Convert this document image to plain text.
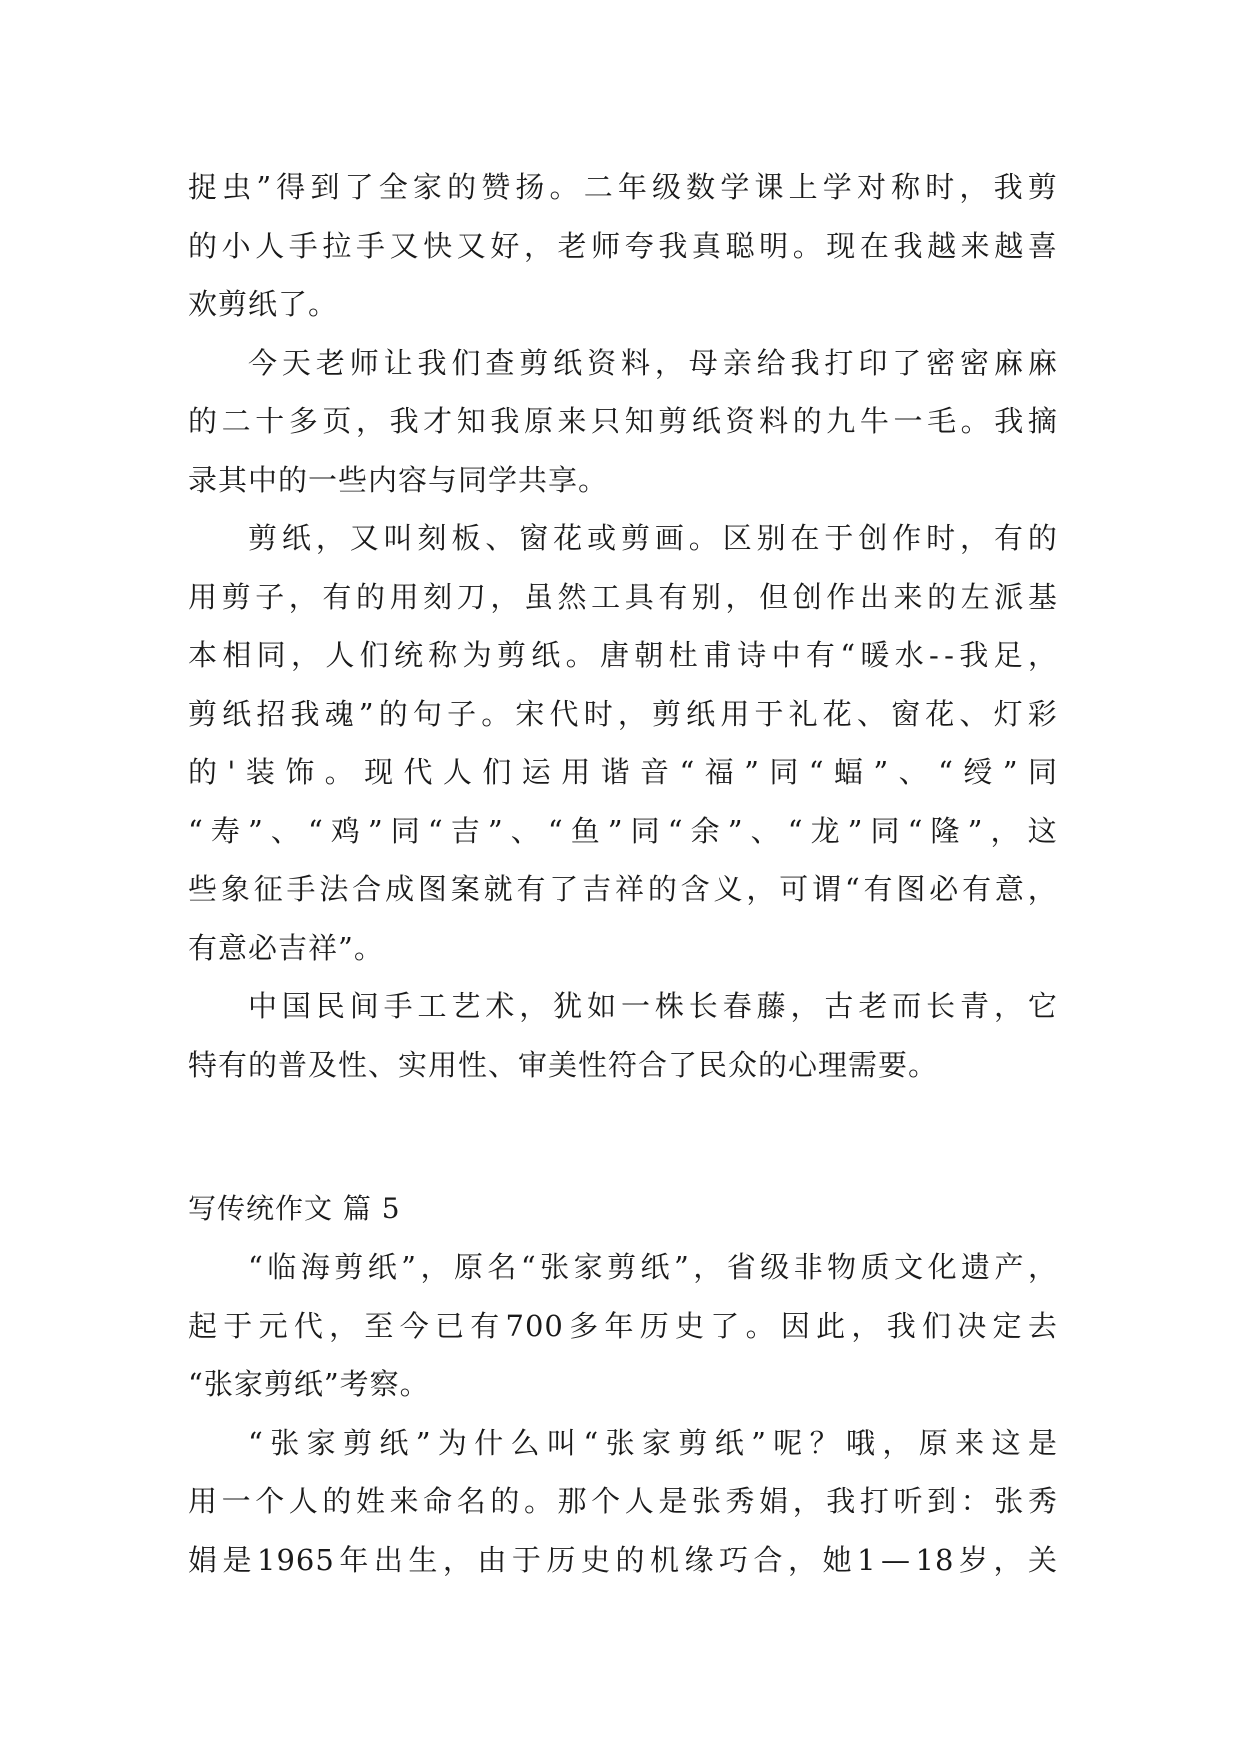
捉 虫 ” 得 到 了 全 家 的 赞 扬 。 二 年 级 数 学 课 上 学 对 称 时 ， 我 剪
的 小 人 手 拉 手 又 快 又 好 ， 老 师 夸 我 真 聪 明 。 现 在 我 越 来 越 喜
欢剪纸了。
今 天 老 师 让 我 们 查 剪 纸 资 料 ， 母 亲 给 我 打 印 了 密 密 麻 麻
的 二 十 多 页 ， 我 才 知 我 原 来 只 知 剪 纸 资 料 的 九 牛 一 毛 。 我 摘
录其中的一些内容与同学共享。
剪 纸 ， 又 叫 刻 板 、 窗 花 或 剪 画 。 区 别 在 于 创 作 时 ， 有 的
用 剪 子 ， 有 的 用 刻 刀 ， 虽 然 工 具 有 别 ， 但 创 作 出 来 的 左 派 基
本 相 同 ， 人 们 统 称 为 剪 纸 。 唐 朝 杜 甫 诗 中 有 “ 暖 水 - - 我 足 ，
剪 纸 招 我 魂 ” 的 句 子 。 宋 代 时 ， 剪 纸 用 于 礼 花 、 窗 花 、 灯 彩
的 ' 装 饰 。 现 代 人 们 运 用 谐 音 “ 福 ” 同 “ 蝠 ” 、 “ 绶 ” 同
“ 寿 ” 、 “ 鸡 ” 同 “ 吉 ” 、 “ 鱼 ” 同 “ 余 ” 、 “ 龙 ” 同 “ 隆 ” ， 这
些 象 征 手 法 合 成 图 案 就 有 了 吉 祥 的 含 义 ， 可 谓 “ 有 图 必 有 意 ，
有意必吉祥”。
中 国 民 间 手 工 艺 术 ， 犹 如 一 株 长 春 藤 ， 古 老 而 长 青 ， 它
特有的普及性、实用性、审美性符合了民众的心理需要。
写传统作文 篇 5
“ 临 海 剪 纸 ” ， 原 名 “ 张 家 剪 纸 ” ， 省 级 非 物 质 文 化 遗 产 ，
起 于 元 代 ， 至 今 已 有 700 多 年 历 史 了 。 因 此 ， 我 们 决 定 去
“张家剪纸”考察。
“ 张 家 剪 纸 ” 为 什 么 叫 “ 张 家 剪 纸 ” 呢 ？ 哦 ， 原 来 这 是
用 一 个 人 的 姓 来 命 名 的 。 那 个 人 是 张 秀 娟 ， 我 打 听 到 ： 张 秀
娟 是 1965 年 出 生 ， 由 于 历 史 的 机 缘 巧 合 ， 她 1 — 18 岁 ， 关
